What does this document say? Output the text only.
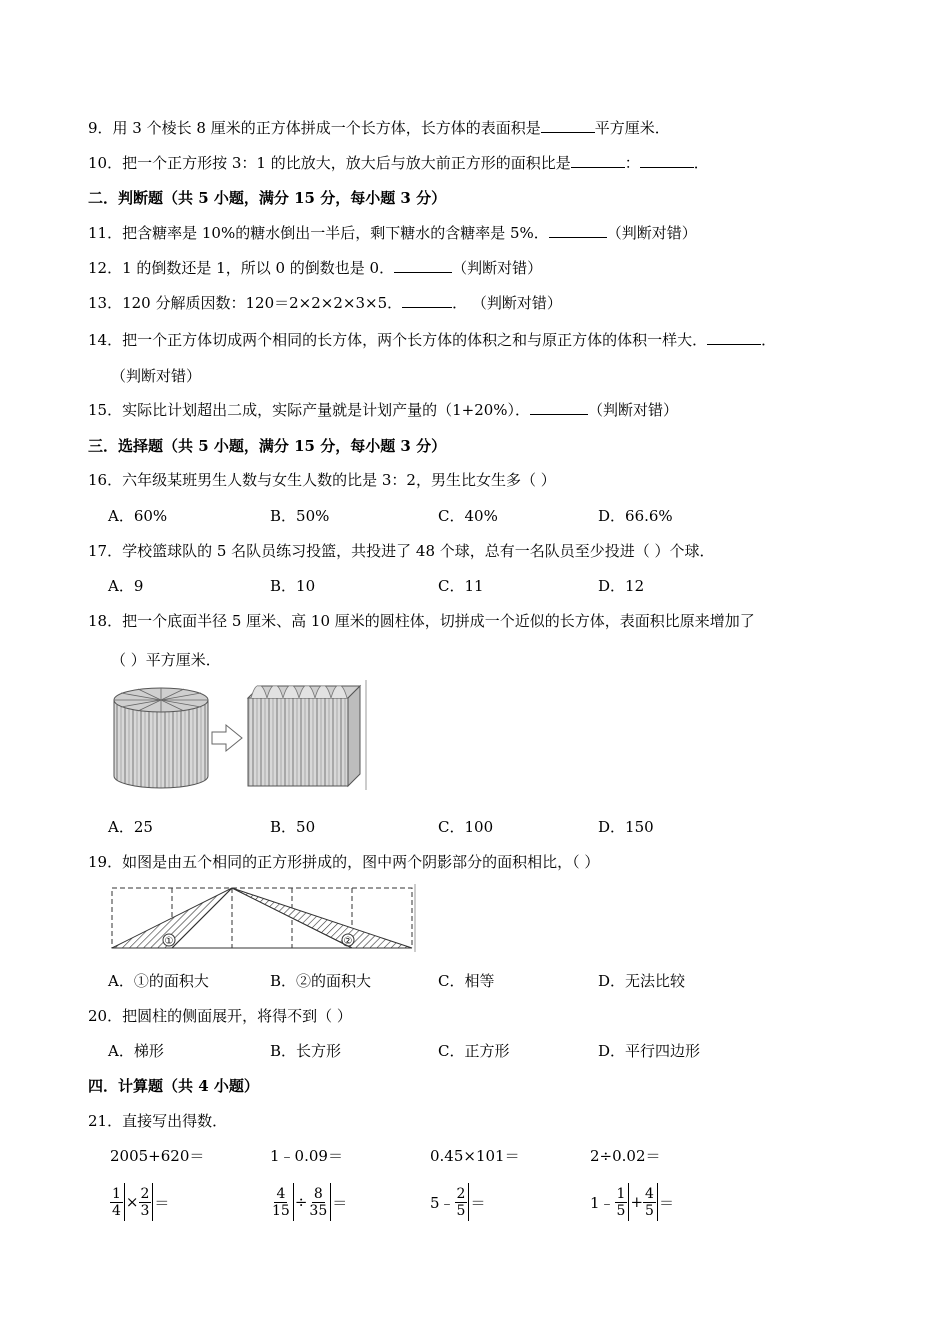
9．用 3 个棱长 8 厘米的正方体拼成一个长方体，长方体的表面积是	平方厘米．
10．把一个正方形按 3：1 的比放大，放大后与放大前正方形的面积比是	：	．
二．判断题（共 5 小题，满分 15 分，每小题 3 分）
11．把含糖率是 10%的糖水倒出一半后，剩下糖水的含糖率是 5%．	（判断对错）
12．1 的倒数还是 1，所以 0 的倒数也是 0．	（判断对错）
13．120 分解质因数：120＝2×2×2×3×5．	． （判断对错）
14．把一个正方体切成两个相同的长方体，两个长方体的体积之和与原正方体的体积一样大．	．
（判断对错）
15．实际比计划超出二成，实际产量就是计划产量的（1+20%）．	（判断对错）
三．选择题（共 5 小题，满分 15 分，每小题 3 分）
16．六年级某班男生人数与女生人数的比是 3：2，男生比女生多（ ）
A．60%	B．50%	C．40%	D．66.6%
17．学校篮球队的 5 名队员练习投篮，共投进了 48 个球，总有一名队员至少投进（ ）个球．
A．9	B．10	C．11	D．12
18．把一个底面半径 5 厘米、高 10 厘米的圆柱体，切拼成一个近似的长方体，表面积比原来增加了
（ ）平方厘米．
A．25	B．50	C．100	D．150
19．如图是由五个相同的正方形拼成的，图中两个阴影部分的面积相比，（ ）
①	②
A．①的面积大	B．②的面积大	C．相等	D．无法比较
20．把圆柱的侧面展开，将得不到（ ）
A．梯形	B．长方形	C．正方形	D．平行四边形
四．计算题（共 4 小题）
21．直接写出得数．
2005+620＝	1﹣0.09＝	0.45×101＝	2÷0.02＝
$\frac{1}{4} \times \frac{2}{3}$ ＝	$\frac{4}{15} \div \frac{8}{35}$ ＝	5﹣ $\frac{2}{5}$ ＝	1﹣ $\frac{1}{5} + \frac{4}{5}$ ＝
